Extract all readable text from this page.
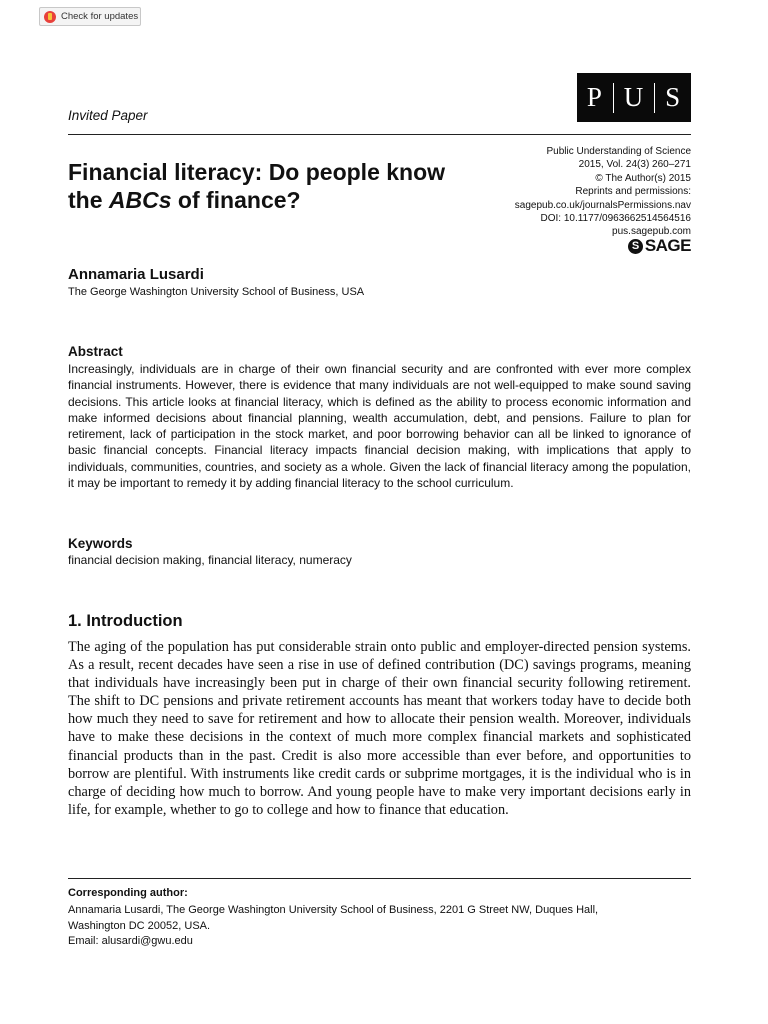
Check for updates
Invited Paper
P U S
Financial literacy: Do people know the ABCs of finance?
Public Understanding of Science
2015, Vol. 24(3) 260–271
© The Author(s) 2015
Reprints and permissions:
sagepub.co.uk/journalsPermissions.nav
DOI: 10.1177/0963662514564516
pus.sagepub.com
S SAGE
Annamaria Lusardi
The George Washington University School of Business, USA
Abstract
Increasingly, individuals are in charge of their own financial security and are confronted with ever more complex financial instruments. However, there is evidence that many individuals are not well-equipped to make sound saving decisions. This article looks at financial literacy, which is defined as the ability to process economic information and make informed decisions about financial planning, wealth accumulation, debt, and pensions. Failure to plan for retirement, lack of participation in the stock market, and poor borrowing behavior can all be linked to ignorance of basic financial concepts. Financial literacy impacts financial decision making, with implications that apply to individuals, communities, countries, and society as a whole. Given the lack of financial literacy among the population, it may be important to remedy it by adding financial literacy to the school curriculum.
Keywords
financial decision making, financial literacy, numeracy
1. Introduction
The aging of the population has put considerable strain onto public and employer-directed pension systems. As a result, recent decades have seen a rise in use of defined contribution (DC) savings programs, meaning that individuals have increasingly been put in charge of their own financial security following retirement. The shift to DC pensions and private retirement accounts has meant that workers today have to decide both how much they need to save for retirement and how to allocate their pension wealth. Moreover, individuals have to make these decisions in the context of much more complex financial markets and sophisticated financial products than in the past. Credit is also more accessible than ever before, and opportunities to borrow are plentiful. With instruments like credit cards or subprime mortgages, it is the individual who is in charge of deciding how much to borrow. And young people have to make very important decisions early in life, for example, whether to go to college and how to finance that education.
Corresponding author:
Annamaria Lusardi, The George Washington University School of Business, 2201 G Street NW, Duques Hall,
Washington DC 20052, USA.
Email: alusardi@gwu.edu
